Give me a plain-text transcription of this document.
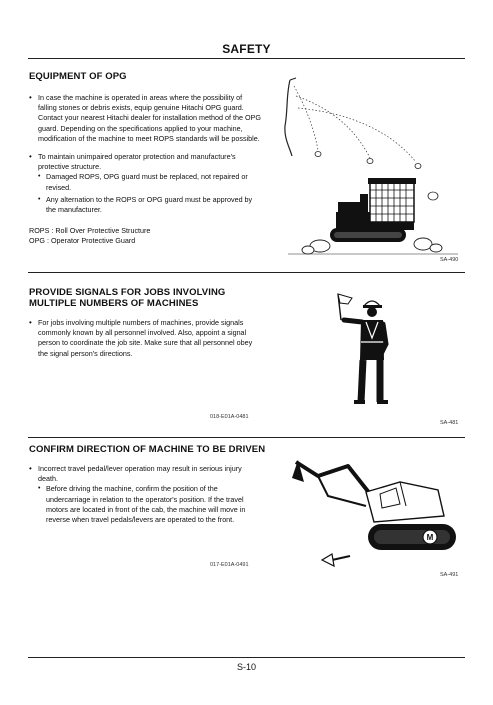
SAFETY
EQUIPMENT OF OPG
• In case the machine is operated in areas where the possibility of falling stones or debris exists, equip genuine Hitachi OPG guard. Contact your nearest Hitachi dealer for installation method of the OPG guard. Depending on the specifications applied to your machine, modification of the machine to meet ROPS standards will be possible.
• To maintain unimpaired operator protection and manufacture's protective structure.
• Damaged ROPS, OPG guard must be replaced, not repaired or revised.
• Any alternation to the ROPS or OPG guard must be approved by the manufacturer.
ROPS : Roll Over Protective Structure
OPG : Operator Protective Guard
SA-490
PROVIDE SIGNALS FOR JOBS INVOLVING
MULTIPLE NUMBERS OF MACHINES
• For jobs involving multiple numbers of machines, provide signals commonly known by all personnel involved. Also, appoint a signal person to coordinate the job site. Make sure that all personnel obey the signal person's directions.
018-E01A-0481
SA-481
CONFIRM DIRECTION OF MACHINE TO BE DRIVEN
• Incorrect travel pedal/lever operation may result in serious injury death.
• Before driving the machine, confirm the position of the undercarriage in relation to the operator's position. If the travel motors are located in front of the cab, the machine will move in reverse when travel pedals/levers are operated to the front.
017-E01A-0491
M
SA-491
S-10
